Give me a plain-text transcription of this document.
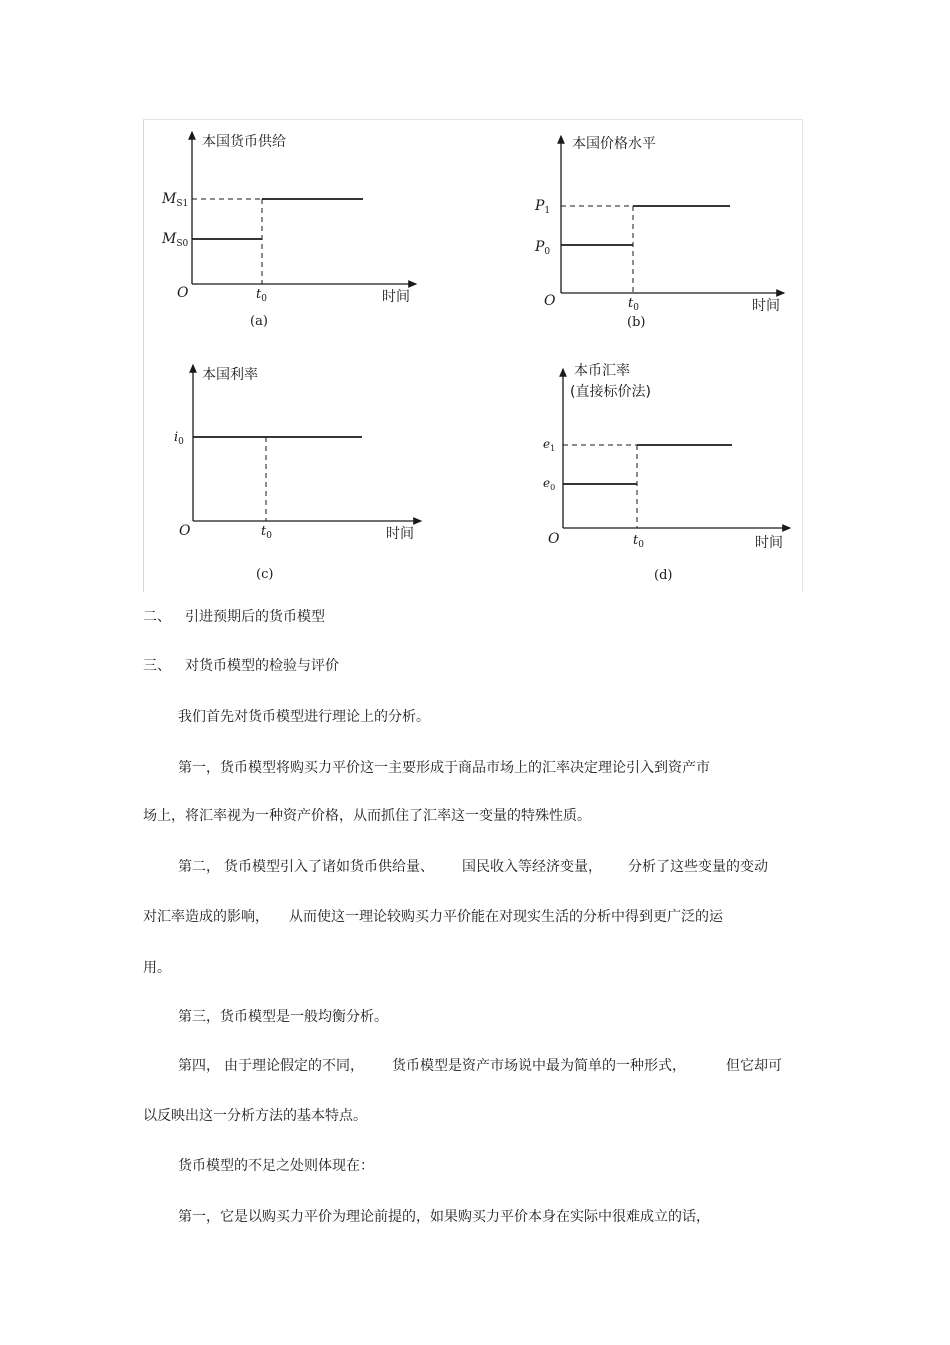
本国货币供给
$M_{S1}$
$M_{S0}$
O	$t_0$	时间
(a)
本国价格水平
$P_1$
$P_0$
O	$t_0$	时间
(b)
本国利率
$i_0$
O	$t_0$	时间
(c)
本币汇率
(直接标价法)
$e_1$
$e_0$
O	$t_0$	时间
(d)
二、 引进预期后的货币模型
三、 对货币模型的检验与评价
我们首先对货币模型进行理论上的分析。
第一，货币模型将购买力平价这一主要形成于商品市场上的汇率决定理论引入到资产市
场上，将汇率视为一种资产价格，从而抓住了汇率这一变量的特殊性质。
第二， 货币模型引入了诸如货币供给量、 国民收入等经济变量， 分析了这些变量的变动
对汇率造成的影响， 从而使这一理论较购买力平价能在对现实生活的分析中得到更广泛的运
用。
第三，货币模型是一般均衡分析。
第四， 由于理论假定的不同， 货币模型是资产市场说中最为简单的一种形式，	但它却可
以反映出这一分析方法的基本特点。
货币模型的不足之处则体现在：
第一，它是以购买力平价为理论前提的，如果购买力平价本身在实际中很难成立的话，
